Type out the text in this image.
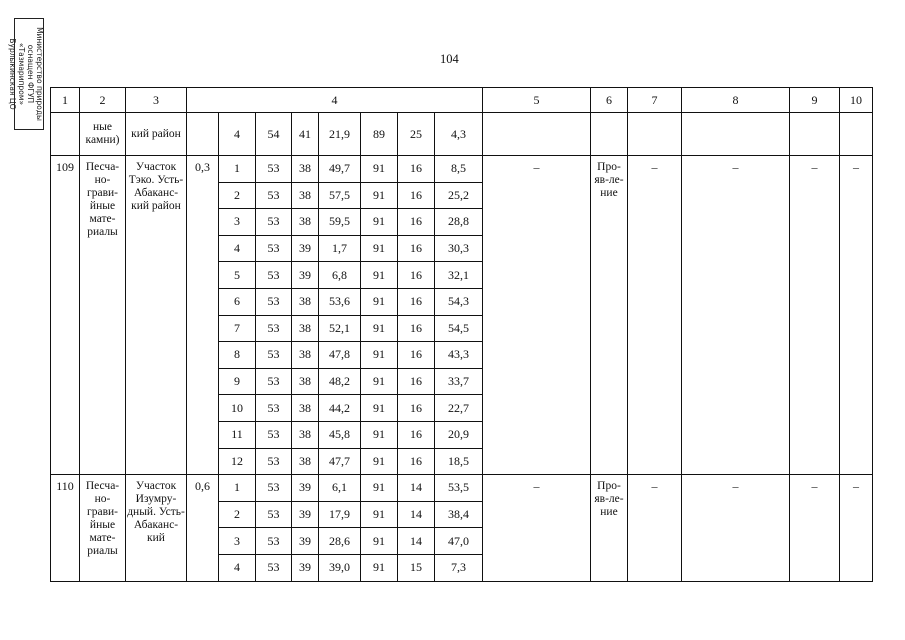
Министерство природы
оснащен ФГУП «Тазмарипром»
Бурлыкинская ЦО	104
1	2	3	4								5	6	7	8	9	10
	ные камни)	кий район		4	54	41	21,9	89	25	4,3						
109	Песча-но-грави-йные мате-риалы	Участок Тэко. Усть-Абаканс-кий район	0,3	1	53	38	49,7	91	16	8,5	–	Про-яв-ле-ние	–	–	–	–
				2	53	38	57,5	91	16	25,2						
				3	53	38	59,5	91	16	28,8						
				4	53	39	1,7	91	16	30,3						
				5	53	39	6,8	91	16	32,1						
				6	53	38	53,6	91	16	54,3						
				7	53	38	52,1	91	16	54,5						
				8	53	38	47,8	91	16	43,3						
				9	53	38	48,2	91	16	33,7						
				10	53	38	44,2	91	16	22,7						
				11	53	38	45,8	91	16	20,9						
				12	53	38	47,7	91	16	18,5						
110	Песча-но-грави-йные мате-риалы	Участок Изумру-дный. Усть-Абаканс-кий	0,6	1	53	39	6,1	91	14	53,5	–	Про-яв-ле-ние	–	–	–	–
				2	53	39	17,9	91	14	38,4						
				3	53	39	28,6	91	14	47,0						
				4	53	39	39,0	91	15	7,3						
